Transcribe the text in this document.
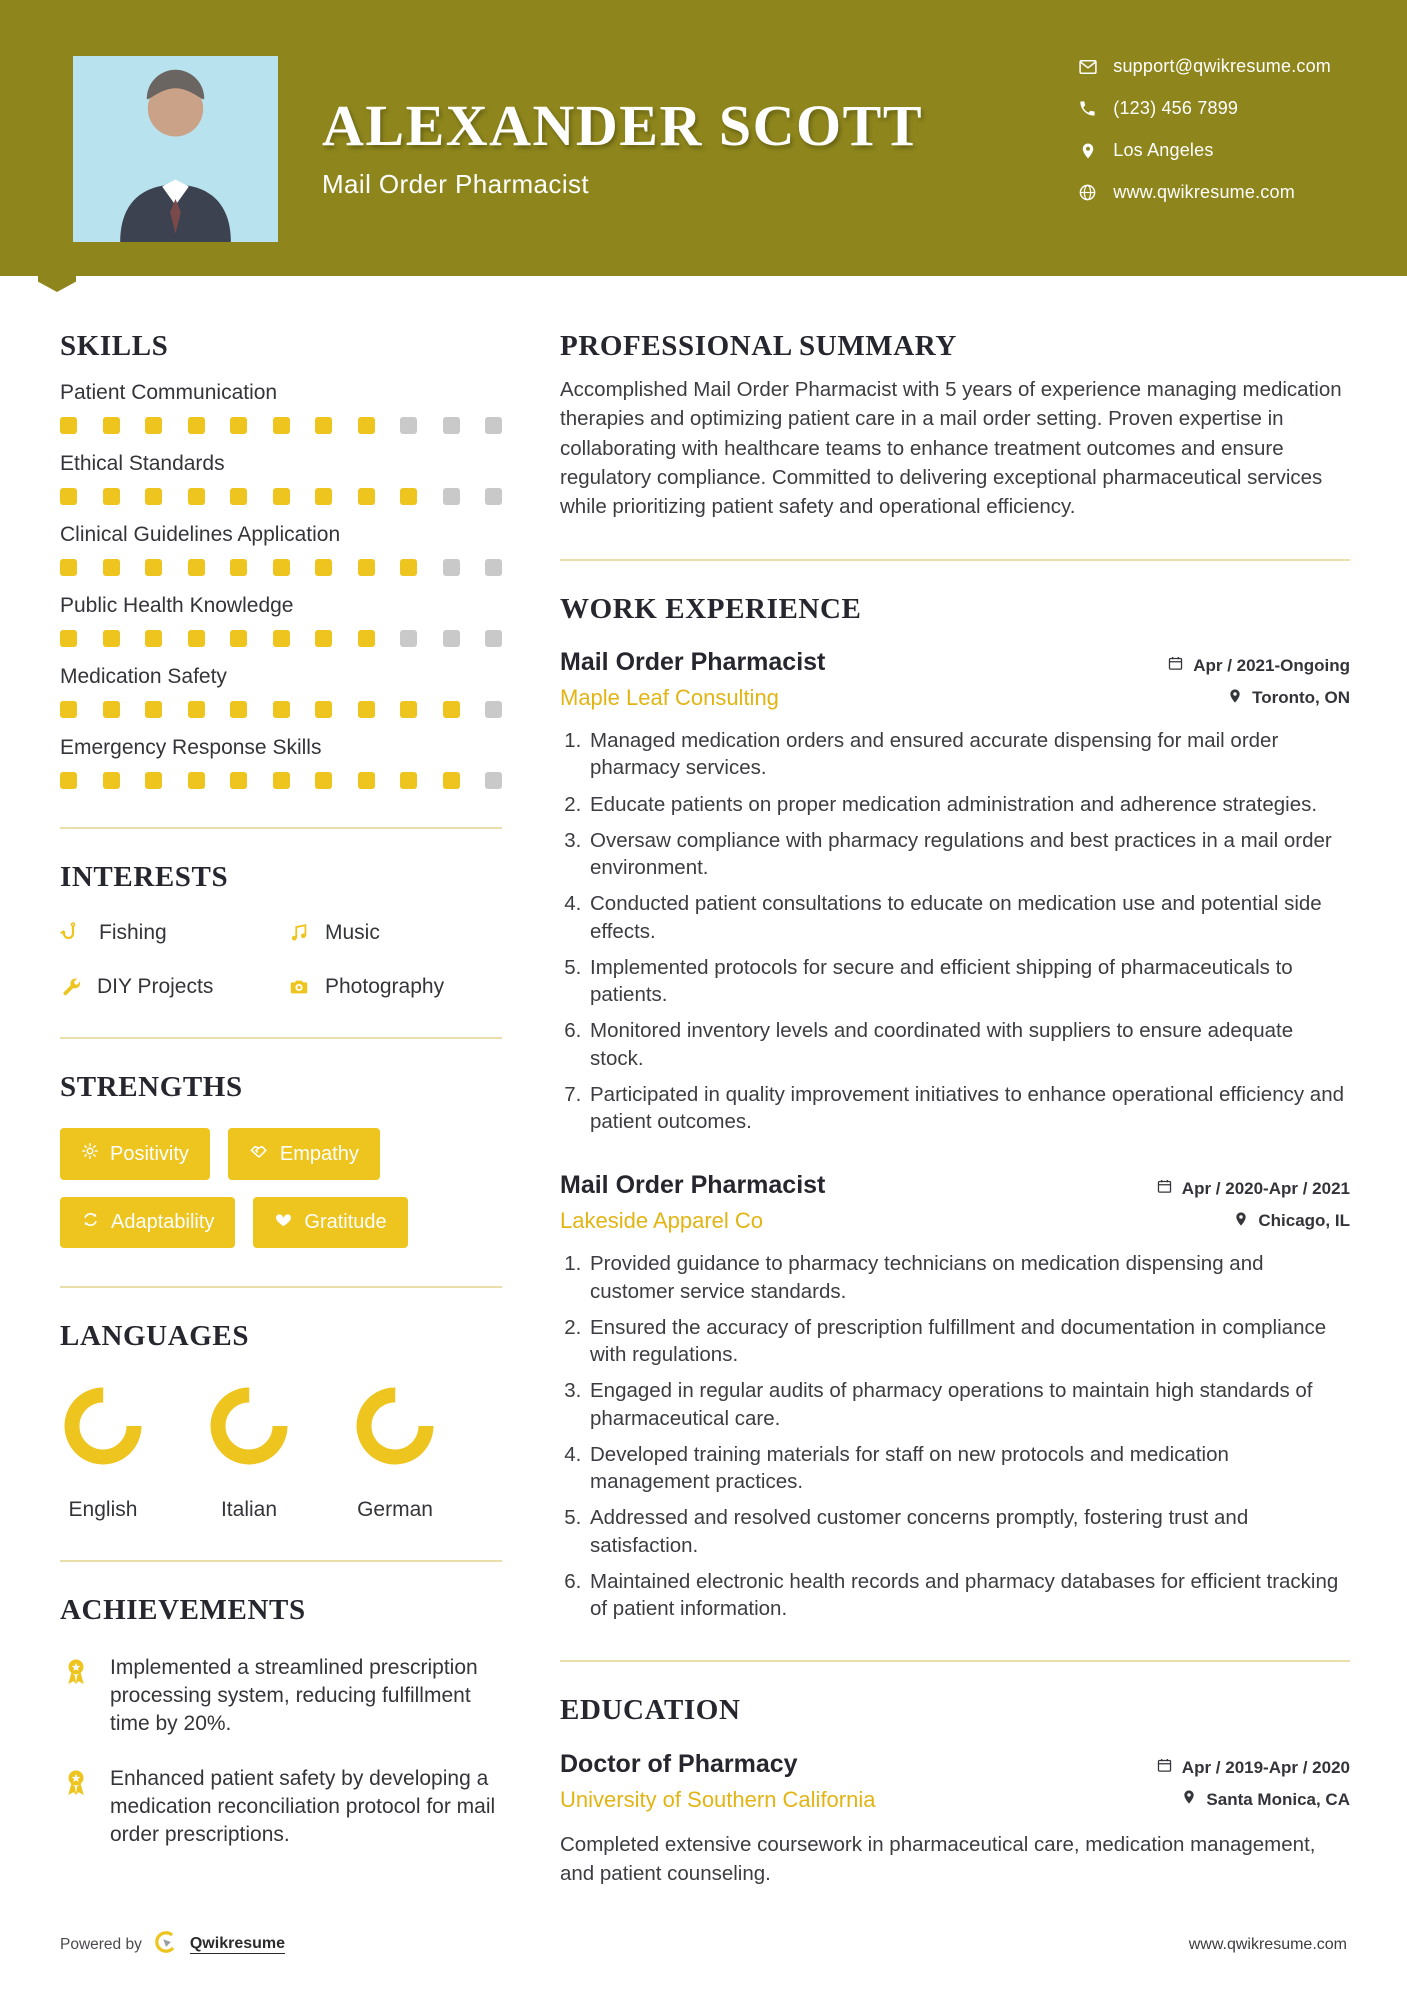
ALEXANDER SCOTT
Mail Order Pharmacist
support@qwikresume.com
(123) 456 7899
Los Angeles
www.qwikresume.com
SKILLS
Patient Communication
Ethical Standards
Clinical Guidelines Application
Public Health Knowledge
Medication Safety
Emergency Response Skills
INTERESTS
Fishing	Music
DIY Projects	Photography
STRENGTHS
Positivity	Empathy
Adaptability	Gratitude
LANGUAGES
English	Italian	German
ACHIEVEMENTS

Implemented a streamlined prescription processing system, reducing fulfillment time by 20%.

Enhanced patient safety by developing a medication reconciliation protocol for mail order prescriptions.

PROFESSIONAL SUMMARY

Accomplished Mail Order Pharmacist with 5 years of experience managing medication therapies and optimizing patient care in a mail order setting. Proven expertise in collaborating with healthcare teams to enhance treatment outcomes and ensure regulatory compliance. Committed to delivering exceptional pharmaceutical services while prioritizing patient safety and operational efficiency.

WORK EXPERIENCE
Mail Order Pharmacist	Apr / 2021-Ongoing
Maple Leaf Consulting	Toronto, ON
1. Managed medication orders and ensured accurate dispensing for mail order pharmacy services.
2. Educate patients on proper medication administration and adherence strategies.
3. Oversaw compliance with pharmacy regulations and best practices in a mail order environment.
4. Conducted patient consultations to educate on medication use and potential side effects.
5. Implemented protocols for secure and efficient shipping of pharmaceuticals to patients.
6. Monitored inventory levels and coordinated with suppliers to ensure adequate stock.
7. Participated in quality improvement initiatives to enhance operational efficiency and patient outcomes.
Mail Order Pharmacist	Apr / 2020-Apr / 2021
Lakeside Apparel Co	Chicago, IL
1. Provided guidance to pharmacy technicians on medication dispensing and customer service standards.
2. Ensured the accuracy of prescription fulfillment and documentation in compliance with regulations.
3. Engaged in regular audits of pharmacy operations to maintain high standards of pharmaceutical care.
4. Developed training materials for staff on new protocols and medication management practices.
5. Addressed and resolved customer concerns promptly, fostering trust and satisfaction.
6. Maintained electronic health records and pharmacy databases for efficient tracking of patient information.
EDUCATION
Doctor of Pharmacy	Apr / 2019-Apr / 2020
University of Southern California	Santa Monica, CA

Completed extensive coursework in pharmaceutical care, medication management, and patient counseling.

Powered by	Qwikresume	www.qwikresume.com
